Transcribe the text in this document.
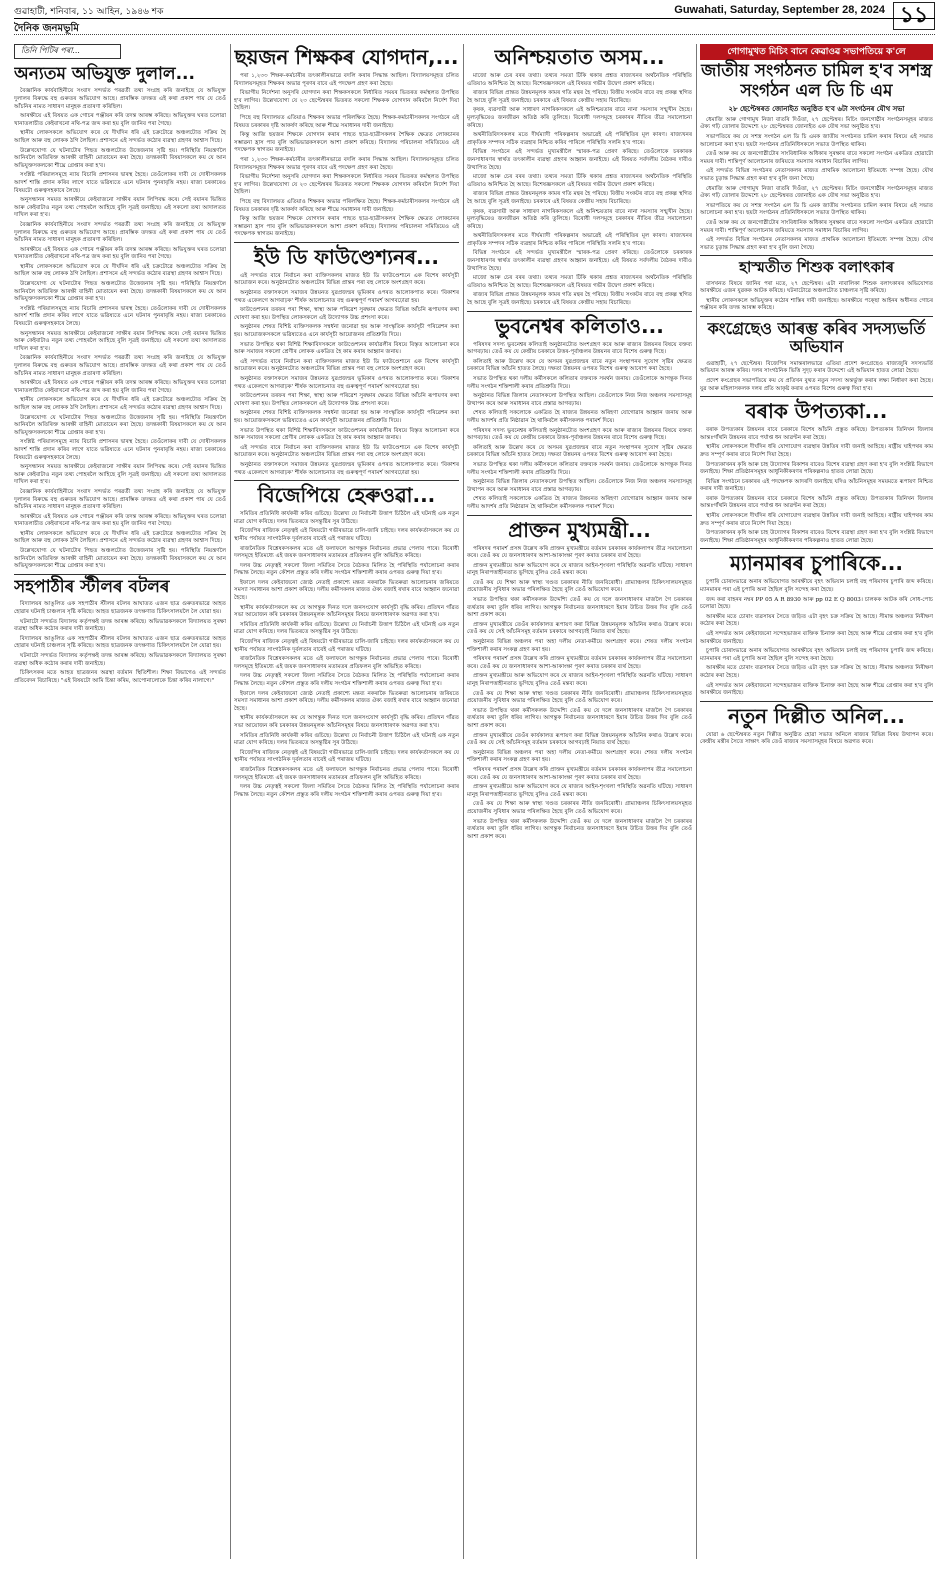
গুৱাহাটী, শনিবাৰ, ১১ আহিন, ১৯৪৬ শক	Guwahati, Saturday, September 28, 2024 ১১
দৈনিক জনমভূমি
তিনি পিটিৰ পৰা...
অন্যতম অভিযুক্ত দুলাল...

বৈজ্ঞানিক কাৰ্যবাহিনীয়ে সংবাদ সন্দৰ্ভত পৰৱৰ্তী তথ্য সংগ্ৰহ কৰি জনাইছে যে অভিযুক্ত দুলালৰ বিৰুদ্ধে বহু গুৰুতৰ অভিযোগ আছে। প্ৰাৰম্ভিক তদন্তত এই কথা প্ৰকাশ পায় যে তেওঁ আঁচনিৰ নামত সাধাৰণ মানুহক প্ৰতাৰণা কৰিছিল।

আৰক্ষীয়ে এই বিষয়ত এক গোচৰ পঞ্জীয়ন কৰি তদন্ত আৰম্ভ কৰিছে। অভিযুক্তৰ ঘৰত চলোৱা খানাতলাচীত কেইবাখনো নথি-পত্ৰ জব্দ কৰা হয় বুলি জানিব পৰা গৈছে।

স্থানীয় লোকসকলে অভিযোগ কৰে যে দীৰ্ঘদিন ধৰি এই চক্ৰটোৱে অঞ্চলটোত সক্ৰিয় হৈ আছিল আৰু বহু লোকক ঠগি লৈছিল। প্ৰশাসনে এই সন্দৰ্ভত কঠোৰ ব্যৱস্থা গ্ৰহণৰ আশ্বাস দিছে।

উল্লেখযোগ্য যে ঘটনাটোৰ পিছত অঞ্চলটোত উত্তেজনাৰ সৃষ্টি হয়। পৰিস্থিতি নিয়ন্ত্ৰণলৈ আনিবলৈ অতিৰিক্ত আৰক্ষী বাহিনী মোতায়েন কৰা হৈছে। তদন্তকাৰী বিষয়াসকলে কয় যে আন অভিযুক্তসকলকো শীঘ্ৰে গ্ৰেপ্তাৰ কৰা হ'ব।

সংশ্লিষ্ট পৰিয়ালসমূহে ন্যায় বিচাৰি প্ৰশাসনৰ দ্বাৰস্থ হৈছে। তেওঁলোকৰ দাবী যে দোষীসকলক আদৰ্শ শাস্তি প্ৰদান কৰিব লাগে যাতে ভৱিষ্যতে এনে ঘটনাৰ পুনৰাবৃত্তি নহয়। ৰাজ্য চৰকাৰেও বিষয়টো গুৰুত্বসহকাৰে লৈছে।

অনুসন্ধানৰ সময়ত আৰক্ষীয়ে কেইবাজনো সাক্ষীৰ বয়ান লিপিবদ্ধ কৰে। সেই বয়ানৰ ভিত্তিত আৰু কেইবাটাও নতুন তথ্য পোহৰলৈ আহিছে বুলি সূত্ৰই জনাইছে। এই সকলো তথ্য আদালতত দাখিল কৰা হ'ব।

বৈজ্ঞানিক কাৰ্যবাহিনীয়ে সংবাদ সন্দৰ্ভত পৰৱৰ্তী তথ্য সংগ্ৰহ কৰি জনাইছে যে অভিযুক্ত দুলালৰ বিৰুদ্ধে বহু গুৰুতৰ অভিযোগ আছে। প্ৰাৰম্ভিক তদন্তত এই কথা প্ৰকাশ পায় যে তেওঁ আঁচনিৰ নামত সাধাৰণ মানুহক প্ৰতাৰণা কৰিছিল।

আৰক্ষীয়ে এই বিষয়ত এক গোচৰ পঞ্জীয়ন কৰি তদন্ত আৰম্ভ কৰিছে। অভিযুক্তৰ ঘৰত চলোৱা খানাতলাচীত কেইবাখনো নথি-পত্ৰ জব্দ কৰা হয় বুলি জানিব পৰা গৈছে।

স্থানীয় লোকসকলে অভিযোগ কৰে যে দীৰ্ঘদিন ধৰি এই চক্ৰটোৱে অঞ্চলটোত সক্ৰিয় হৈ আছিল আৰু বহু লোকক ঠগি লৈছিল। প্ৰশাসনে এই সন্দৰ্ভত কঠোৰ ব্যৱস্থা গ্ৰহণৰ আশ্বাস দিছে।

উল্লেখযোগ্য যে ঘটনাটোৰ পিছত অঞ্চলটোত উত্তেজনাৰ সৃষ্টি হয়। পৰিস্থিতি নিয়ন্ত্ৰণলৈ আনিবলৈ অতিৰিক্ত আৰক্ষী বাহিনী মোতায়েন কৰা হৈছে। তদন্তকাৰী বিষয়াসকলে কয় যে আন অভিযুক্তসকলকো শীঘ্ৰে গ্ৰেপ্তাৰ কৰা হ'ব।

সংশ্লিষ্ট পৰিয়ালসমূহে ন্যায় বিচাৰি প্ৰশাসনৰ দ্বাৰস্থ হৈছে। তেওঁলোকৰ দাবী যে দোষীসকলক আদৰ্শ শাস্তি প্ৰদান কৰিব লাগে যাতে ভৱিষ্যতে এনে ঘটনাৰ পুনৰাবৃত্তি নহয়। ৰাজ্য চৰকাৰেও বিষয়টো গুৰুত্বসহকাৰে লৈছে।

অনুসন্ধানৰ সময়ত আৰক্ষীয়ে কেইবাজনো সাক্ষীৰ বয়ান লিপিবদ্ধ কৰে। সেই বয়ানৰ ভিত্তিত আৰু কেইবাটাও নতুন তথ্য পোহৰলৈ আহিছে বুলি সূত্ৰই জনাইছে। এই সকলো তথ্য আদালতত দাখিল কৰা হ'ব।

বৈজ্ঞানিক কাৰ্যবাহিনীয়ে সংবাদ সন্দৰ্ভত পৰৱৰ্তী তথ্য সংগ্ৰহ কৰি জনাইছে যে অভিযুক্ত দুলালৰ বিৰুদ্ধে বহু গুৰুতৰ অভিযোগ আছে। প্ৰাৰম্ভিক তদন্তত এই কথা প্ৰকাশ পায় যে তেওঁ আঁচনিৰ নামত সাধাৰণ মানুহক প্ৰতাৰণা কৰিছিল।

আৰক্ষীয়ে এই বিষয়ত এক গোচৰ পঞ্জীয়ন কৰি তদন্ত আৰম্ভ কৰিছে। অভিযুক্তৰ ঘৰত চলোৱা খানাতলাচীত কেইবাখনো নথি-পত্ৰ জব্দ কৰা হয় বুলি জানিব পৰা গৈছে।

স্থানীয় লোকসকলে অভিযোগ কৰে যে দীৰ্ঘদিন ধৰি এই চক্ৰটোৱে অঞ্চলটোত সক্ৰিয় হৈ আছিল আৰু বহু লোকক ঠগি লৈছিল। প্ৰশাসনে এই সন্দৰ্ভত কঠোৰ ব্যৱস্থা গ্ৰহণৰ আশ্বাস দিছে।

উল্লেখযোগ্য যে ঘটনাটোৰ পিছত অঞ্চলটোত উত্তেজনাৰ সৃষ্টি হয়। পৰিস্থিতি নিয়ন্ত্ৰণলৈ আনিবলৈ অতিৰিক্ত আৰক্ষী বাহিনী মোতায়েন কৰা হৈছে। তদন্তকাৰী বিষয়াসকলে কয় যে আন অভিযুক্তসকলকো শীঘ্ৰে গ্ৰেপ্তাৰ কৰা হ'ব।

সংশ্লিষ্ট পৰিয়ালসমূহে ন্যায় বিচাৰি প্ৰশাসনৰ দ্বাৰস্থ হৈছে। তেওঁলোকৰ দাবী যে দোষীসকলক আদৰ্শ শাস্তি প্ৰদান কৰিব লাগে যাতে ভৱিষ্যতে এনে ঘটনাৰ পুনৰাবৃত্তি নহয়। ৰাজ্য চৰকাৰেও বিষয়টো গুৰুত্বসহকাৰে লৈছে।

অনুসন্ধানৰ সময়ত আৰক্ষীয়ে কেইবাজনো সাক্ষীৰ বয়ান লিপিবদ্ধ কৰে। সেই বয়ানৰ ভিত্তিত আৰু কেইবাটাও নতুন তথ্য পোহৰলৈ আহিছে বুলি সূত্ৰই জনাইছে। এই সকলো তথ্য আদালতত দাখিল কৰা হ'ব।

বৈজ্ঞানিক কাৰ্যবাহিনীয়ে সংবাদ সন্দৰ্ভত পৰৱৰ্তী তথ্য সংগ্ৰহ কৰি জনাইছে যে অভিযুক্ত দুলালৰ বিৰুদ্ধে বহু গুৰুতৰ অভিযোগ আছে। প্ৰাৰম্ভিক তদন্তত এই কথা প্ৰকাশ পায় যে তেওঁ আঁচনিৰ নামত সাধাৰণ মানুহক প্ৰতাৰণা কৰিছিল।

আৰক্ষীয়ে এই বিষয়ত এক গোচৰ পঞ্জীয়ন কৰি তদন্ত আৰম্ভ কৰিছে। অভিযুক্তৰ ঘৰত চলোৱা খানাতলাচীত কেইবাখনো নথি-পত্ৰ জব্দ কৰা হয় বুলি জানিব পৰা গৈছে।

স্থানীয় লোকসকলে অভিযোগ কৰে যে দীৰ্ঘদিন ধৰি এই চক্ৰটোৱে অঞ্চলটোত সক্ৰিয় হৈ আছিল আৰু বহু লোকক ঠগি লৈছিল। প্ৰশাসনে এই সন্দৰ্ভত কঠোৰ ব্যৱস্থা গ্ৰহণৰ আশ্বাস দিছে।

উল্লেখযোগ্য যে ঘটনাটোৰ পিছত অঞ্চলটোত উত্তেজনাৰ সৃষ্টি হয়। পৰিস্থিতি নিয়ন্ত্ৰণলৈ আনিবলৈ অতিৰিক্ত আৰক্ষী বাহিনী মোতায়েন কৰা হৈছে। তদন্তকাৰী বিষয়াসকলে কয় যে আন অভিযুক্তসকলকো শীঘ্ৰে গ্ৰেপ্তাৰ কৰা হ'ব।

সহপাঠীৰ স্টীলৰ বটলৰ

বিদ্যালয়ৰ আঙুলিত এক সহপাঠীৰ স্টীলৰ বটলৰ আঘাতত এজন ছাত্ৰ গুৰুতৰভাৱে আহত হোৱাৰ ঘটনাই চাঞ্চল্যৰ সৃষ্টি কৰিছে। আহত ছাত্ৰজনক তৎক্ষণাত চিকিৎসালয়লৈ লৈ যোৱা হয়।

ঘটনাটো সন্দৰ্ভত বিদ্যালয় কৰ্তৃপক্ষই তদন্ত আৰম্ভ কৰিছে। অভিভাৱকসকলে বিদ্যালয়ত সুৰক্ষা ব্যৱস্থা অধিক কঠোৰ কৰাৰ দাবী জনাইছে।

বিদ্যালয়ৰ আঙুলিত এক সহপাঠীৰ স্টীলৰ বটলৰ আঘাতত এজন ছাত্ৰ গুৰুতৰভাৱে আহত হোৱাৰ ঘটনাই চাঞ্চল্যৰ সৃষ্টি কৰিছে। আহত ছাত্ৰজনক তৎক্ষণাত চিকিৎসালয়লৈ লৈ যোৱা হয়।

ঘটনাটো সন্দৰ্ভত বিদ্যালয় কৰ্তৃপক্ষই তদন্ত আৰম্ভ কৰিছে। অভিভাৱকসকলে বিদ্যালয়ত সুৰক্ষা ব্যৱস্থা অধিক কঠোৰ কৰাৰ দাবী জনাইছে।

চিকিৎসকৰ মতে আহত ছাত্ৰজনৰ অৱস্থা বৰ্তমান স্থিতিশীল। শিক্ষা বিভাগেও এই সন্দৰ্ভত প্ৰতিবেদন বিচাৰিছে। "এই বিষয়টো আমি চিন্তা কৰিম, আপোনালোকে চিন্তা কৰিব নালাগে।"

ছয়জন শিক্ষকৰ যোগদান,...

পৰা ১,২৩৩ শিক্ষক-কৰ্মচাৰীৰ তৎকালীনভাৱে বদলি কৰাৰ সিদ্ধান্ত আছিল। বিদ্যালয়সমূহত চলিত বিদ্যালয়সমূহত শিক্ষকৰ অভাৱ পূৰণৰ বাবে এই পদক্ষেপ গ্ৰহণ কৰা হৈছে।

বিভাগীয় নিৰ্দেশনা অনুসৰি যোগদান কৰা শিক্ষকসকলে নিৰ্ধাৰিত সময়ৰ ভিতৰত কৰ্মস্থলত উপস্থিত হ'ব লাগিব। উল্লেখযোগ্য যে ২৩ ছেপ্টেম্বৰৰ ভিতৰত সকলো শিক্ষকক যোগদান কৰিবলৈ নিৰ্দেশ দিয়া হৈছিল।

পিছে বহু বিদ্যালয়ত এতিয়াও শিক্ষকৰ অভাৱ পৰিলক্ষিত হৈছে। শিক্ষক-কৰ্মচাৰীসকলৰ সংগঠনে এই বিষয়ত চৰকাৰৰ দৃষ্টি আকৰ্ষণ কৰিছে আৰু শীঘ্ৰে সমাধানৰ দাবী জনাইছে।

কিন্তু আজি ছয়জন শিক্ষকে যোগদান কৰাৰ পাছত ছাত্ৰ-ছাত্ৰীসকলৰ শৈক্ষিক ক্ষেত্ৰত লোকচানৰ সম্ভাৱনা হ্ৰাস পাব বুলি অভিভাৱকসকলে আশা প্ৰকাশ কৰিছে। বিদ্যালয় পৰিচালনা সমিতিয়েও এই পদক্ষেপক স্বাগতম জনাইছে।

পৰা ১,২৩৩ শিক্ষক-কৰ্মচাৰীৰ তৎকালীনভাৱে বদলি কৰাৰ সিদ্ধান্ত আছিল। বিদ্যালয়সমূহত চলিত বিদ্যালয়সমূহত শিক্ষকৰ অভাৱ পূৰণৰ বাবে এই পদক্ষেপ গ্ৰহণ কৰা হৈছে।

বিভাগীয় নিৰ্দেশনা অনুসৰি যোগদান কৰা শিক্ষকসকলে নিৰ্ধাৰিত সময়ৰ ভিতৰত কৰ্মস্থলত উপস্থিত হ'ব লাগিব। উল্লেখযোগ্য যে ২৩ ছেপ্টেম্বৰৰ ভিতৰত সকলো শিক্ষকক যোগদান কৰিবলৈ নিৰ্দেশ দিয়া হৈছিল।

পিছে বহু বিদ্যালয়ত এতিয়াও শিক্ষকৰ অভাৱ পৰিলক্ষিত হৈছে। শিক্ষক-কৰ্মচাৰীসকলৰ সংগঠনে এই বিষয়ত চৰকাৰৰ দৃষ্টি আকৰ্ষণ কৰিছে আৰু শীঘ্ৰে সমাধানৰ দাবী জনাইছে।

কিন্তু আজি ছয়জন শিক্ষকে যোগদান কৰাৰ পাছত ছাত্ৰ-ছাত্ৰীসকলৰ শৈক্ষিক ক্ষেত্ৰত লোকচানৰ সম্ভাৱনা হ্ৰাস পাব বুলি অভিভাৱকসকলে আশা প্ৰকাশ কৰিছে। বিদ্যালয় পৰিচালনা সমিতিয়েও এই পদক্ষেপক স্বাগতম জনাইছে।

ইউ ডি ফাউণ্ডেশ্যনৰ...

এই সন্দৰ্ভত বাৰে নিৰ্বাচন কৰা ব্যক্তিসকলৰ মাজত ইউ ডি ফাউণ্ডেশ্যনে এক বিশেষ কাৰ্যসূচী আয়োজন কৰে। অনুষ্ঠানটোত অঞ্চলটোৰ বিভিন্ন প্ৰান্তৰ পৰা বহু লোকে অংশগ্ৰহণ কৰে।

অনুষ্ঠানত বক্তাসকলে সমাজৰ উন্নয়নত যুৱপ্ৰজন্মৰ ভূমিকাৰ ওপৰত আলোকপাত কৰে। 'বিকাশৰ পথত একেলগে আগবাঢ়ক' শীৰ্ষক আলোচনাত বহু গুৰুত্বপূৰ্ণ পৰামৰ্শ আগবঢ়োৱা হয়।

ফাউণ্ডেশ্যনৰ তৰফৰ পৰা শিক্ষা, স্বাস্থ্য আৰু পৰিৱেশ সুৰক্ষাৰ ক্ষেত্ৰত বিভিন্ন আঁচনি ৰূপায়ণৰ কথা ঘোষণা কৰা হয়। উপস্থিত লোকসকলে এই উদ্যোগক উচ্চ প্ৰশংসা কৰে।

অনুষ্ঠানৰ শেষত বিশিষ্ট ব্যক্তিসকলক সম্বৰ্ধনা জনোৱা হয় আৰু সাংস্কৃতিক কাৰ্যসূচী পৰিৱেশন কৰা হয়। আয়োজকসকলে ভৱিষ্যতেও এনে কাৰ্যসূচী আয়োজনৰ প্ৰতিশ্ৰুতি দিয়ে।

সভাত উপস্থিত থকা বিশিষ্ট শিক্ষাবিদসকলে ফাউণ্ডেশ্যনৰ কাৰ্যাৱলীৰ বিষয়ে বিস্তৃত আলোচনা কৰে আৰু সমাজৰ সকলো শ্ৰেণীৰ লোকক একত্ৰিত হৈ কাম কৰাৰ আহ্বান জনায়।

এই সন্দৰ্ভত বাৰে নিৰ্বাচন কৰা ব্যক্তিসকলৰ মাজত ইউ ডি ফাউণ্ডেশ্যনে এক বিশেষ কাৰ্যসূচী আয়োজন কৰে। অনুষ্ঠানটোত অঞ্চলটোৰ বিভিন্ন প্ৰান্তৰ পৰা বহু লোকে অংশগ্ৰহণ কৰে।

অনুষ্ঠানত বক্তাসকলে সমাজৰ উন্নয়নত যুৱপ্ৰজন্মৰ ভূমিকাৰ ওপৰত আলোকপাত কৰে। 'বিকাশৰ পথত একেলগে আগবাঢ়ক' শীৰ্ষক আলোচনাত বহু গুৰুত্বপূৰ্ণ পৰামৰ্শ আগবঢ়োৱা হয়।

ফাউণ্ডেশ্যনৰ তৰফৰ পৰা শিক্ষা, স্বাস্থ্য আৰু পৰিৱেশ সুৰক্ষাৰ ক্ষেত্ৰত বিভিন্ন আঁচনি ৰূপায়ণৰ কথা ঘোষণা কৰা হয়। উপস্থিত লোকসকলে এই উদ্যোগক উচ্চ প্ৰশংসা কৰে।

অনুষ্ঠানৰ শেষত বিশিষ্ট ব্যক্তিসকলক সম্বৰ্ধনা জনোৱা হয় আৰু সাংস্কৃতিক কাৰ্যসূচী পৰিৱেশন কৰা হয়। আয়োজকসকলে ভৱিষ্যতেও এনে কাৰ্যসূচী আয়োজনৰ প্ৰতিশ্ৰুতি দিয়ে।

সভাত উপস্থিত থকা বিশিষ্ট শিক্ষাবিদসকলে ফাউণ্ডেশ্যনৰ কাৰ্যাৱলীৰ বিষয়ে বিস্তৃত আলোচনা কৰে আৰু সমাজৰ সকলো শ্ৰেণীৰ লোকক একত্ৰিত হৈ কাম কৰাৰ আহ্বান জনায়।

এই সন্দৰ্ভত বাৰে নিৰ্বাচন কৰা ব্যক্তিসকলৰ মাজত ইউ ডি ফাউণ্ডেশ্যনে এক বিশেষ কাৰ্যসূচী আয়োজন কৰে। অনুষ্ঠানটোত অঞ্চলটোৰ বিভিন্ন প্ৰান্তৰ পৰা বহু লোকে অংশগ্ৰহণ কৰে।

অনুষ্ঠানত বক্তাসকলে সমাজৰ উন্নয়নত যুৱপ্ৰজন্মৰ ভূমিকাৰ ওপৰত আলোকপাত কৰে। 'বিকাশৰ পথত একেলগে আগবাঢ়ক' শীৰ্ষক আলোচনাত বহু গুৰুত্বপূৰ্ণ পৰামৰ্শ আগবঢ়োৱা হয়।

বিজেপিয়ে হেৰুওৱা...

সমিতিৰ প্ৰতিনিধি কাৰ্যকৰী কৰিব গুচিছে। উল্লেখ্য যে নিৰ্বাচনী উত্তাপ চিঠিলৈ এই ঘটনাই এক নতুন মাত্ৰা যোগ কৰিছে। দলৰ ভিতৰতে অসন্তুষ্টিৰ সুৰ উঠিছে।

বিজেপিৰ ৰাজ্যিক নেতৃত্বই এই বিষয়টো গভীৰভাৱে চালি-জাৰি চাইছে। দলৰ কাৰ্যকৰ্তাসকলে কয় যে স্থানীয় পৰ্যায়ত সাংগঠনিক দুৰ্বলতাৰ বাবেই এই পৰাজয় ঘটিছে।

ৰাজনৈতিক বিশ্লেষকসকলৰ মতে এই ফলাফলে আগন্তুক নিৰ্বাচনত প্ৰভাৱ পেলাব পাৰে। বিৰোধী দলসমূহে ইতিমধ্যে এই জয়ক জনসাধাৰণৰ মতামতৰ প্ৰতিফলন বুলি অভিহিত কৰিছে।

দলৰ উচ্চ নেতৃত্বই সকলো জিলা সমিতিৰ সৈতে বৈঠকত মিলিত হৈ পৰিস্থিতি পৰ্যালোচনা কৰাৰ সিদ্ধান্ত লৈছে। নতুন কৌশল প্ৰস্তুত কৰি দলীয় সংগঠন শক্তিশালী কৰাৰ ওপৰত গুৰুত্ব দিয়া হ'ব।

ইফালে দলৰ কেইবাজনো জ্যেষ্ঠ নেতাই প্ৰকাশ্যে মন্তব্য নকৰাকৈ ভিতৰুৱা আলোচনাৰ জৰিয়তে সমস্যা সমাধানৰ আশা প্ৰকাশ কৰিছে। দলীয় কৰ্মীসকলৰ মাজত ঐক্য বজাই ৰখাৰ বাবে আহ্বান জনোৱা হৈছে।

স্থানীয় কাৰ্যকৰ্তাসকলে কয় যে আগন্তুক দিনত দলে জনসংযোগ কাৰ্যসূচী বৃদ্ধি কৰিব। প্ৰতিখন গাঁৱত সভা আয়োজন কৰি চৰকাৰৰ উন্নয়নমূলক আঁচনিসমূহৰ বিষয়ে জনসাধাৰণক অৱগত কৰা হ'ব।

সমিতিৰ প্ৰতিনিধি কাৰ্যকৰী কৰিব গুচিছে। উল্লেখ্য যে নিৰ্বাচনী উত্তাপ চিঠিলৈ এই ঘটনাই এক নতুন মাত্ৰা যোগ কৰিছে। দলৰ ভিতৰতে অসন্তুষ্টিৰ সুৰ উঠিছে।

বিজেপিৰ ৰাজ্যিক নেতৃত্বই এই বিষয়টো গভীৰভাৱে চালি-জাৰি চাইছে। দলৰ কাৰ্যকৰ্তাসকলে কয় যে স্থানীয় পৰ্যায়ত সাংগঠনিক দুৰ্বলতাৰ বাবেই এই পৰাজয় ঘটিছে।

ৰাজনৈতিক বিশ্লেষকসকলৰ মতে এই ফলাফলে আগন্তুক নিৰ্বাচনত প্ৰভাৱ পেলাব পাৰে। বিৰোধী দলসমূহে ইতিমধ্যে এই জয়ক জনসাধাৰণৰ মতামতৰ প্ৰতিফলন বুলি অভিহিত কৰিছে।

দলৰ উচ্চ নেতৃত্বই সকলো জিলা সমিতিৰ সৈতে বৈঠকত মিলিত হৈ পৰিস্থিতি পৰ্যালোচনা কৰাৰ সিদ্ধান্ত লৈছে। নতুন কৌশল প্ৰস্তুত কৰি দলীয় সংগঠন শক্তিশালী কৰাৰ ওপৰত গুৰুত্ব দিয়া হ'ব।

ইফালে দলৰ কেইবাজনো জ্যেষ্ঠ নেতাই প্ৰকাশ্যে মন্তব্য নকৰাকৈ ভিতৰুৱা আলোচনাৰ জৰিয়তে সমস্যা সমাধানৰ আশা প্ৰকাশ কৰিছে। দলীয় কৰ্মীসকলৰ মাজত ঐক্য বজাই ৰখাৰ বাবে আহ্বান জনোৱা হৈছে।

স্থানীয় কাৰ্যকৰ্তাসকলে কয় যে আগন্তুক দিনত দলে জনসংযোগ কাৰ্যসূচী বৃদ্ধি কৰিব। প্ৰতিখন গাঁৱত সভা আয়োজন কৰি চৰকাৰৰ উন্নয়নমূলক আঁচনিসমূহৰ বিষয়ে জনসাধাৰণক অৱগত কৰা হ'ব।

সমিতিৰ প্ৰতিনিধি কাৰ্যকৰী কৰিব গুচিছে। উল্লেখ্য যে নিৰ্বাচনী উত্তাপ চিঠিলৈ এই ঘটনাই এক নতুন মাত্ৰা যোগ কৰিছে। দলৰ ভিতৰতে অসন্তুষ্টিৰ সুৰ উঠিছে।

বিজেপিৰ ৰাজ্যিক নেতৃত্বই এই বিষয়টো গভীৰভাৱে চালি-জাৰি চাইছে। দলৰ কাৰ্যকৰ্তাসকলে কয় যে স্থানীয় পৰ্যায়ত সাংগঠনিক দুৰ্বলতাৰ বাবেই এই পৰাজয় ঘটিছে।

ৰাজনৈতিক বিশ্লেষকসকলৰ মতে এই ফলাফলে আগন্তুক নিৰ্বাচনত প্ৰভাৱ পেলাব পাৰে। বিৰোধী দলসমূহে ইতিমধ্যে এই জয়ক জনসাধাৰণৰ মতামতৰ প্ৰতিফলন বুলি অভিহিত কৰিছে।

দলৰ উচ্চ নেতৃত্বই সকলো জিলা সমিতিৰ সৈতে বৈঠকত মিলিত হৈ পৰিস্থিতি পৰ্যালোচনা কৰাৰ সিদ্ধান্ত লৈছে। নতুন কৌশল প্ৰস্তুত কৰি দলীয় সংগঠন শক্তিশালী কৰাৰ ওপৰত গুৰুত্ব দিয়া হ'ব।

অনিশ্চয়তাত অসম...

মাজো আৰু চেৰ বৰৰ তথ্যা। তথ্যৰ সমতা টিকি থকাৰ প্ৰশ্নত ৰাজ্যখনৰ অৰ্থনৈতিক পৰিস্থিতি এতিয়াও অনিশ্চিত হৈ আছে। বিশেষজ্ঞসকলে এই বিষয়ত গভীৰ উদ্বেগ প্ৰকাশ কৰিছে।

ৰাজ্যৰ বিভিন্ন প্ৰান্তত উন্নয়নমূলক কামৰ গতি মন্থৰ হৈ পৰিছে। বিত্তীয় সংকটৰ বাবে বহু প্ৰকল্প স্থগিত হৈ আছে বুলি সূত্ৰই জনাইছে। চৰকাৰে এই বিষয়ত কেন্দ্ৰীয় সহায় বিচাৰিছে।

কৃষক, ব্যৱসায়ী আৰু সাধাৰণ নাগৰিকসকলে এই অনিশ্চয়তাৰ বাবে নানা সমস্যাৰ সন্মুখীন হৈছে। মূল্যবৃদ্ধিয়েও জনজীৱন অতিষ্ঠ কৰি তুলিছে। বিৰোধী দলসমূহে চৰকাৰৰ নীতিৰ তীব্ৰ সমালোচনা কৰিছে।

অৰ্থনীতিবিদসকলৰ মতে দীৰ্ঘম্যাদী পৰিকল্পনাৰ অভাৱেই এই পৰিস্থিতিৰ মূল কাৰণ। ৰাজ্যখনৰ প্ৰাকৃতিক সম্পদৰ সঠিক ব্যৱহাৰ নিশ্চিত কৰিব পাৰিলে পৰিস্থিতি সলনি হ'ব পাৰে।

বিভিন্ন সংগঠনে এই সন্দৰ্ভত মুখ্যমন্ত্ৰীলৈ স্মাৰক-পত্ৰ প্ৰেৰণ কৰিছে। তেওঁলোকে চৰকাৰক জনসাধাৰণৰ স্বাৰ্থত তৎকালীন ব্যৱস্থা গ্ৰহণৰ আহ্বান জনাইছে। এই বিষয়ত সৰ্বদলীয় বৈঠকৰ দাবীও উত্থাপিত হৈছে।

মাজো আৰু চেৰ বৰৰ তথ্যা। তথ্যৰ সমতা টিকি থকাৰ প্ৰশ্নত ৰাজ্যখনৰ অৰ্থনৈতিক পৰিস্থিতি এতিয়াও অনিশ্চিত হৈ আছে। বিশেষজ্ঞসকলে এই বিষয়ত গভীৰ উদ্বেগ প্ৰকাশ কৰিছে।

ৰাজ্যৰ বিভিন্ন প্ৰান্তত উন্নয়নমূলক কামৰ গতি মন্থৰ হৈ পৰিছে। বিত্তীয় সংকটৰ বাবে বহু প্ৰকল্প স্থগিত হৈ আছে বুলি সূত্ৰই জনাইছে। চৰকাৰে এই বিষয়ত কেন্দ্ৰীয় সহায় বিচাৰিছে।

কৃষক, ব্যৱসায়ী আৰু সাধাৰণ নাগৰিকসকলে এই অনিশ্চয়তাৰ বাবে নানা সমস্যাৰ সন্মুখীন হৈছে। মূল্যবৃদ্ধিয়েও জনজীৱন অতিষ্ঠ কৰি তুলিছে। বিৰোধী দলসমূহে চৰকাৰৰ নীতিৰ তীব্ৰ সমালোচনা কৰিছে।

অৰ্থনীতিবিদসকলৰ মতে দীৰ্ঘম্যাদী পৰিকল্পনাৰ অভাৱেই এই পৰিস্থিতিৰ মূল কাৰণ। ৰাজ্যখনৰ প্ৰাকৃতিক সম্পদৰ সঠিক ব্যৱহাৰ নিশ্চিত কৰিব পাৰিলে পৰিস্থিতি সলনি হ'ব পাৰে।

বিভিন্ন সংগঠনে এই সন্দৰ্ভত মুখ্যমন্ত্ৰীলৈ স্মাৰক-পত্ৰ প্ৰেৰণ কৰিছে। তেওঁলোকে চৰকাৰক জনসাধাৰণৰ স্বাৰ্থত তৎকালীন ব্যৱস্থা গ্ৰহণৰ আহ্বান জনাইছে। এই বিষয়ত সৰ্বদলীয় বৈঠকৰ দাবীও উত্থাপিত হৈছে।

মাজো আৰু চেৰ বৰৰ তথ্যা। তথ্যৰ সমতা টিকি থকাৰ প্ৰশ্নত ৰাজ্যখনৰ অৰ্থনৈতিক পৰিস্থিতি এতিয়াও অনিশ্চিত হৈ আছে। বিশেষজ্ঞসকলে এই বিষয়ত গভীৰ উদ্বেগ প্ৰকাশ কৰিছে।

ৰাজ্যৰ বিভিন্ন প্ৰান্তত উন্নয়নমূলক কামৰ গতি মন্থৰ হৈ পৰিছে। বিত্তীয় সংকটৰ বাবে বহু প্ৰকল্প স্থগিত হৈ আছে বুলি সূত্ৰই জনাইছে। চৰকাৰে এই বিষয়ত কেন্দ্ৰীয় সহায় বিচাৰিছে।

ভুবনেশ্বৰ কলিতাও...

পৰিষদৰ সদস্য ভুবনেশ্বৰ কলিতাই অনুষ্ঠানটোত অংশগ্ৰহণ কৰে আৰু ৰাজ্যৰ উন্নয়নৰ বিষয়ে বক্তব্য আগবঢ়ায়। তেওঁ কয় যে কেন্দ্ৰীয় চৰকাৰে উত্তৰ-পূৰ্বাঞ্চলৰ উন্নয়নৰ বাবে বিশেষ গুৰুত্ব দিছে।

কলিতাই আৰু উল্লেখ কৰে যে অসমৰ যুৱপ্ৰজন্মৰ বাবে নতুন সংস্থাপনৰ সুযোগ সৃষ্টিৰ ক্ষেত্ৰত চৰকাৰে বিভিন্ন আঁচনি হাতত লৈছে। দক্ষতা উন্নয়নৰ ওপৰত বিশেষ গুৰুত্ব আৰোপ কৰা হৈছে।

সভাত উপস্থিত থকা দলীয় কৰ্মীসকলে কলিতাৰ বক্তব্যক সমৰ্থন জনায়। তেওঁলোকে আগন্তুক দিনত দলীয় সংগঠন শক্তিশালী কৰাৰ প্ৰতিশ্ৰুতি দিয়ে।

অনুষ্ঠানত বিভিন্ন জিলাৰ নেতাসকলো উপস্থিত আছিল। তেওঁলোকে নিজ নিজ অঞ্চলৰ সমস্যাসমূহ উত্থাপন কৰে আৰু সমাধানৰ বাবে প্ৰস্তাৱ আগবঢ়ায়।

শেষত কলিতাই সকলোকে একত্ৰিত হৈ ৰাজ্যৰ উন্নয়নত অৰিহণা যোগোৱাৰ আহ্বান জনায় আৰু দলীয় আদৰ্শৰ প্ৰতি নিষ্ঠাৱান হৈ থাকিবলৈ কৰ্মীসকলক পৰামৰ্শ দিয়ে।

পৰিষদৰ সদস্য ভুবনেশ্বৰ কলিতাই অনুষ্ঠানটোত অংশগ্ৰহণ কৰে আৰু ৰাজ্যৰ উন্নয়নৰ বিষয়ে বক্তব্য আগবঢ়ায়। তেওঁ কয় যে কেন্দ্ৰীয় চৰকাৰে উত্তৰ-পূৰ্বাঞ্চলৰ উন্নয়নৰ বাবে বিশেষ গুৰুত্ব দিছে।

কলিতাই আৰু উল্লেখ কৰে যে অসমৰ যুৱপ্ৰজন্মৰ বাবে নতুন সংস্থাপনৰ সুযোগ সৃষ্টিৰ ক্ষেত্ৰত চৰকাৰে বিভিন্ন আঁচনি হাতত লৈছে। দক্ষতা উন্নয়নৰ ওপৰত বিশেষ গুৰুত্ব আৰোপ কৰা হৈছে।

সভাত উপস্থিত থকা দলীয় কৰ্মীসকলে কলিতাৰ বক্তব্যক সমৰ্থন জনায়। তেওঁলোকে আগন্তুক দিনত দলীয় সংগঠন শক্তিশালী কৰাৰ প্ৰতিশ্ৰুতি দিয়ে।

অনুষ্ঠানত বিভিন্ন জিলাৰ নেতাসকলো উপস্থিত আছিল। তেওঁলোকে নিজ নিজ অঞ্চলৰ সমস্যাসমূহ উত্থাপন কৰে আৰু সমাধানৰ বাবে প্ৰস্তাৱ আগবঢ়ায়।

শেষত কলিতাই সকলোকে একত্ৰিত হৈ ৰাজ্যৰ উন্নয়নত অৰিহণা যোগোৱাৰ আহ্বান জনায় আৰু দলীয় আদৰ্শৰ প্ৰতি নিষ্ঠাৱান হৈ থাকিবলৈ কৰ্মীসকলক পৰামৰ্শ দিয়ে।

প্ৰাক্তন মুখ্যমন্ত্ৰী...

পৰিষদৰ পৰামৰ্শ প্ৰসঙ্গ উল্লেখ কৰি প্ৰাক্তন মুখ্যমন্ত্ৰীয়ে বৰ্তমান চৰকাৰৰ কাৰ্যকলাপৰ তীব্ৰ সমালোচনা কৰে। তেওঁ কয় যে জনসাধাৰণৰ আশা-আকাংক্ষা পূৰণ কৰাত চৰকাৰ ব্যৰ্থ হৈছে।

প্ৰাক্তন মুখ্যমন্ত্ৰীয়ে আৰু অভিযোগ কৰে যে ৰাজ্যৰ আইন-শৃংখলা পৰিস্থিতি অৱনতি ঘটিছে। সাধাৰণ মানুহ নিৰাপত্তাহীনতাত ভুগিছে বুলিও তেওঁ মন্তব্য কৰে।

তেওঁ কয় যে শিক্ষা আৰু স্বাস্থ্য খণ্ডত চৰকাৰৰ নীতি জনবিৰোধী। গ্ৰাম্যাঞ্চলৰ চিকিৎসালয়সমূহত প্ৰয়োজনীয় সুবিধাৰ অভাৱ পৰিলক্ষিত হৈছে বুলি তেওঁ অভিযোগ কৰে।

সভাত উপস্থিত থকা কৰ্মীসকলক উদ্দেশ্যি তেওঁ কয় যে দলে জনসাধাৰণৰ মাজলৈ গৈ চৰকাৰৰ ব্যৰ্থতাৰ কথা তুলি ধৰিব লাগিব। আগন্তুক নিৰ্বাচনত জনসাধাৰণে ইয়াৰ উচিত উত্তৰ দিব বুলি তেওঁ আশা প্ৰকাশ কৰে।

প্ৰাক্তন মুখ্যমন্ত্ৰীয়ে তেওঁৰ কাৰ্যকালত ৰূপায়ণ কৰা বিভিন্ন উন্নয়নমূলক আঁচনিৰ কথাও উল্লেখ কৰে। তেওঁ কয় যে সেই আঁচনিসমূহ বৰ্তমান চৰকাৰে আগবঢ়াই নিয়াত ব্যৰ্থ হৈছে।

অনুষ্ঠানত বিভিন্ন অঞ্চলৰ পৰা অহা দলীয় নেতা-কৰ্মীয়ে অংশগ্ৰহণ কৰে। শেষত দলীয় সংগঠন শক্তিশালী কৰাৰ সংকল্প গ্ৰহণ কৰা হয়।

পৰিষদৰ পৰামৰ্শ প্ৰসঙ্গ উল্লেখ কৰি প্ৰাক্তন মুখ্যমন্ত্ৰীয়ে বৰ্তমান চৰকাৰৰ কাৰ্যকলাপৰ তীব্ৰ সমালোচনা কৰে। তেওঁ কয় যে জনসাধাৰণৰ আশা-আকাংক্ষা পূৰণ কৰাত চৰকাৰ ব্যৰ্থ হৈছে।

প্ৰাক্তন মুখ্যমন্ত্ৰীয়ে আৰু অভিযোগ কৰে যে ৰাজ্যৰ আইন-শৃংখলা পৰিস্থিতি অৱনতি ঘটিছে। সাধাৰণ মানুহ নিৰাপত্তাহীনতাত ভুগিছে বুলিও তেওঁ মন্তব্য কৰে।

তেওঁ কয় যে শিক্ষা আৰু স্বাস্থ্য খণ্ডত চৰকাৰৰ নীতি জনবিৰোধী। গ্ৰাম্যাঞ্চলৰ চিকিৎসালয়সমূহত প্ৰয়োজনীয় সুবিধাৰ অভাৱ পৰিলক্ষিত হৈছে বুলি তেওঁ অভিযোগ কৰে।

সভাত উপস্থিত থকা কৰ্মীসকলক উদ্দেশ্যি তেওঁ কয় যে দলে জনসাধাৰণৰ মাজলৈ গৈ চৰকাৰৰ ব্যৰ্থতাৰ কথা তুলি ধৰিব লাগিব। আগন্তুক নিৰ্বাচনত জনসাধাৰণে ইয়াৰ উচিত উত্তৰ দিব বুলি তেওঁ আশা প্ৰকাশ কৰে।

প্ৰাক্তন মুখ্যমন্ত্ৰীয়ে তেওঁৰ কাৰ্যকালত ৰূপায়ণ কৰা বিভিন্ন উন্নয়নমূলক আঁচনিৰ কথাও উল্লেখ কৰে। তেওঁ কয় যে সেই আঁচনিসমূহ বৰ্তমান চৰকাৰে আগবঢ়াই নিয়াত ব্যৰ্থ হৈছে।

অনুষ্ঠানত বিভিন্ন অঞ্চলৰ পৰা অহা দলীয় নেতা-কৰ্মীয়ে অংশগ্ৰহণ কৰে। শেষত দলীয় সংগঠন শক্তিশালী কৰাৰ সংকল্প গ্ৰহণ কৰা হয়।

পৰিষদৰ পৰামৰ্শ প্ৰসঙ্গ উল্লেখ কৰি প্ৰাক্তন মুখ্যমন্ত্ৰীয়ে বৰ্তমান চৰকাৰৰ কাৰ্যকলাপৰ তীব্ৰ সমালোচনা কৰে। তেওঁ কয় যে জনসাধাৰণৰ আশা-আকাংক্ষা পূৰণ কৰাত চৰকাৰ ব্যৰ্থ হৈছে।

প্ৰাক্তন মুখ্যমন্ত্ৰীয়ে আৰু অভিযোগ কৰে যে ৰাজ্যৰ আইন-শৃংখলা পৰিস্থিতি অৱনতি ঘটিছে। সাধাৰণ মানুহ নিৰাপত্তাহীনতাত ভুগিছে বুলিও তেওঁ মন্তব্য কৰে।

তেওঁ কয় যে শিক্ষা আৰু স্বাস্থ্য খণ্ডত চৰকাৰৰ নীতি জনবিৰোধী। গ্ৰাম্যাঞ্চলৰ চিকিৎসালয়সমূহত প্ৰয়োজনীয় সুবিধাৰ অভাৱ পৰিলক্ষিত হৈছে বুলি তেওঁ অভিযোগ কৰে।

সভাত উপস্থিত থকা কৰ্মীসকলক উদ্দেশ্যি তেওঁ কয় যে দলে জনসাধাৰণৰ মাজলৈ গৈ চৰকাৰৰ ব্যৰ্থতাৰ কথা তুলি ধৰিব লাগিব। আগন্তুক নিৰ্বাচনত জনসাধাৰণে ইয়াৰ উচিত উত্তৰ দিব বুলি তেওঁ আশা প্ৰকাশ কৰে।

গোগামুখত মিচিং বানে কেৱাওৱ সভাপতিয়ে ক'লে
জাতীয় সংগঠনত চামিল হ'ব সশস্ত্ৰ সংগঠন এল ডি চি এম
২৮ ছেপ্টেম্বৰত জোনাইত অনুষ্ঠিত হ'ব ৬টা সংগঠনৰ যৌথ সভা

ধেমাজি আৰু গোগামুখ নিজা বাতৰি দিওঁতা, ২৭ ছেপ্টেম্বৰ। মিচিং জনগোষ্ঠীৰ সংগঠনসমূহৰ মাজত ঐক্য গঢ়ি তোলাৰ উদ্দেশ্যে ২৮ ছেপ্টেম্বৰত জোনাইত এক যৌথ সভা অনুষ্ঠিত হ'ব।

সভাপতিয়ে কয় যে সশস্ত্ৰ সংগঠন এল ডি চি এমক জাতীয় সংগঠনত চামিল কৰাৰ বিষয়ে এই সভাত আলোচনা কৰা হ'ব। ছয়টা সংগঠনৰ প্ৰতিনিধিসকলে সভাত উপস্থিত থাকিব।

তেওঁ আৰু কয় যে জনগোষ্ঠীটোৰ সাংবিধানিক অধিকাৰ সুৰক্ষাৰ বাবে সকলো সংগঠন একত্ৰিত হোৱাটো সময়ৰ দাবী। শান্তিপূৰ্ণ আলোচনাৰ জৰিয়তে সমস্যাৰ সমাধান বিচাৰিব লাগিব।

এই সন্দৰ্ভত বিভিন্ন সংগঠনৰ নেতাসকলৰ মাজত প্ৰাথমিক আলোচনা ইতিমধ্যে সম্পন্ন হৈছে। যৌথ সভাত চূড়ান্ত সিদ্ধান্ত গ্ৰহণ কৰা হ'ব বুলি জনা গৈছে।

ধেমাজি আৰু গোগামুখ নিজা বাতৰি দিওঁতা, ২৭ ছেপ্টেম্বৰ। মিচিং জনগোষ্ঠীৰ সংগঠনসমূহৰ মাজত ঐক্য গঢ়ি তোলাৰ উদ্দেশ্যে ২৮ ছেপ্টেম্বৰত জোনাইত এক যৌথ সভা অনুষ্ঠিত হ'ব।

সভাপতিয়ে কয় যে সশস্ত্ৰ সংগঠন এল ডি চি এমক জাতীয় সংগঠনত চামিল কৰাৰ বিষয়ে এই সভাত আলোচনা কৰা হ'ব। ছয়টা সংগঠনৰ প্ৰতিনিধিসকলে সভাত উপস্থিত থাকিব।

তেওঁ আৰু কয় যে জনগোষ্ঠীটোৰ সাংবিধানিক অধিকাৰ সুৰক্ষাৰ বাবে সকলো সংগঠন একত্ৰিত হোৱাটো সময়ৰ দাবী। শান্তিপূৰ্ণ আলোচনাৰ জৰিয়তে সমস্যাৰ সমাধান বিচাৰিব লাগিব।

এই সন্দৰ্ভত বিভিন্ন সংগঠনৰ নেতাসকলৰ মাজত প্ৰাথমিক আলোচনা ইতিমধ্যে সম্পন্ন হৈছে। যৌথ সভাত চূড়ান্ত সিদ্ধান্ত গ্ৰহণ কৰা হ'ব বুলি জনা গৈছে।

হাস্মতীত শিশুক বলাৎকাৰ

বাসখনত বিষয়ে জানিব পৰা মতে, ২৭ ছেপ্টেম্বৰ। এটা নাবালিকা শিশুক বলাৎকাৰৰ অভিযোগত আৰক্ষীয়ে এজন যুৱকক আটক কৰিছে। ঘটনাটোৱে অঞ্চলটোত চাঞ্চল্যৰ সৃষ্টি কৰিছে।

স্থানীয় লোকসকলে অভিযুক্তৰ কঠোৰ শাস্তিৰ দাবী জনাইছে। আৰক্ষীয়ে পক্ছো আইনৰ অধীনত গোচৰ পঞ্জীয়ন কৰি তদন্ত আৰম্ভ কৰিছে।

কংগ্ৰেছেও আৰম্ভ কৰিব সদস্যভৰ্তি অভিযান

গুৱাহাটী, ২৭ ছেপ্টেম্বৰ। বিজেপিৰ সমান্তৰালভাৱে এতিয়া প্ৰদেশ কংগ্ৰেছেও ৰাজ্যজুৰি সদস্যভৰ্তি অভিযান আৰম্ভ কৰিব। দলৰ সাংগঠনিক ভিত্তি সুদৃঢ় কৰাৰ উদ্দেশ্যে এই অভিযান হাতত লোৱা হৈছে।

প্ৰদেশ কংগ্ৰেছৰ সভাপতিয়ে কয় যে প্ৰতিখন বুথত নতুন সদস্য অন্তৰ্ভুক্ত কৰাৰ লক্ষ্য নিৰ্ধাৰণ কৰা হৈছে। যুৱ আৰু মহিলাসকলক দলৰ প্ৰতি আকৃষ্ট কৰাৰ ওপৰত বিশেষ গুৰুত্ব দিয়া হ'ব।

বৰাক উপত্যকা...

বৰাক উপত্যকাৰ উন্নয়নৰ বাবে চৰকাৰে বিশেষ আঁচনি প্ৰস্তুত কৰিছে। উপত্যকাৰ তিনিখন জিলাৰ আন্তঃগাঁথনি উন্নয়নৰ বাবে পৰ্যাপ্ত ধন আৱণ্টন কৰা হৈছে।

স্থানীয় লোকসকলে দীৰ্ঘদিন ধৰি যোগাযোগ ব্যৱস্থাৰ উন্নতিৰ দাবী জনাই আহিছে। ৰাষ্ট্ৰীয় ঘাইপথৰ কাম দ্ৰুত সম্পূৰ্ণ কৰাৰ বাবে নিৰ্দেশ দিয়া হৈছে।

উপত্যকাখনৰ কৃষি আৰু চাহ উদ্যোগৰ বিকাশৰ বাবেও বিশেষ ব্যৱস্থা গ্ৰহণ কৰা হ'ব বুলি সংশ্লিষ্ট বিভাগে জনাইছে। শিক্ষা প্ৰতিষ্ঠানসমূহৰ আধুনিকীকৰণৰ পৰিকল্পনাও হাতত লোৱা হৈছে।

বিভিন্ন সংগঠনে চৰকাৰৰ এই পদক্ষেপক আদৰণি জনাইছে যদিও আঁচনিসমূহৰ সময়মতে ৰূপায়ণ নিশ্চিত কৰাৰ দাবী জনাইছে।

বৰাক উপত্যকাৰ উন্নয়নৰ বাবে চৰকাৰে বিশেষ আঁচনি প্ৰস্তুত কৰিছে। উপত্যকাৰ তিনিখন জিলাৰ আন্তঃগাঁথনি উন্নয়নৰ বাবে পৰ্যাপ্ত ধন আৱণ্টন কৰা হৈছে।

স্থানীয় লোকসকলে দীৰ্ঘদিন ধৰি যোগাযোগ ব্যৱস্থাৰ উন্নতিৰ দাবী জনাই আহিছে। ৰাষ্ট্ৰীয় ঘাইপথৰ কাম দ্ৰুত সম্পূৰ্ণ কৰাৰ বাবে নিৰ্দেশ দিয়া হৈছে।

উপত্যকাখনৰ কৃষি আৰু চাহ উদ্যোগৰ বিকাশৰ বাবেও বিশেষ ব্যৱস্থা গ্ৰহণ কৰা হ'ব বুলি সংশ্লিষ্ট বিভাগে জনাইছে। শিক্ষা প্ৰতিষ্ঠানসমূহৰ আধুনিকীকৰণৰ পৰিকল্পনাও হাতত লোৱা হৈছে।

ম্যানমাৰৰ চুপাৰিকে...

চুপাৰি চোৰাংভাৱে অনাৰ অভিযোগত আৰক্ষীয়ে বৃহৎ অভিযান চলাই বহু পৰিমাণৰ চুপাৰি জব্দ কৰিছে। ম্যানমাৰৰ পৰা এই চুপাৰি অনা হৈছিল বুলি সন্দেহ কৰা হৈছে।

জব্দ কৰা বাহনৰ নম্বৰ PP 05 A R 8930 আৰু pp 02 E Q 8003। চালকক আটক কৰি সোধ-পোচ চলোৱা হৈছে।

আৰক্ষীৰ মতে চোৰাং ব্যৱসায়ৰ সৈতে জড়িত এটা বৃহৎ চক্ৰ সক্ৰিয় হৈ আছে। সীমান্ত অঞ্চলত নিৰীক্ষণ কঠোৰ কৰা হৈছে।

এই সন্দৰ্ভত আন কেইবাজনো সন্দেহভাজন ব্যক্তিক চিনাক্ত কৰা হৈছে আৰু শীঘ্ৰে গ্ৰেপ্তাৰ কৰা হ'ব বুলি আৰক্ষীয়ে জনাইছে।

চুপাৰি চোৰাংভাৱে অনাৰ অভিযোগত আৰক্ষীয়ে বৃহৎ অভিযান চলাই বহু পৰিমাণৰ চুপাৰি জব্দ কৰিছে। ম্যানমাৰৰ পৰা এই চুপাৰি অনা হৈছিল বুলি সন্দেহ কৰা হৈছে।

আৰক্ষীৰ মতে চোৰাং ব্যৱসায়ৰ সৈতে জড়িত এটা বৃহৎ চক্ৰ সক্ৰিয় হৈ আছে। সীমান্ত অঞ্চলত নিৰীক্ষণ কঠোৰ কৰা হৈছে।

এই সন্দৰ্ভত আন কেইবাজনো সন্দেহভাজন ব্যক্তিক চিনাক্ত কৰা হৈছে আৰু শীঘ্ৰে গ্ৰেপ্তাৰ কৰা হ'ব বুলি আৰক্ষীয়ে জনাইছে।

নতুন দিল্লীত অনিল...

যোৱা ৬ ছেপ্টেম্বৰত নতুন দিল্লীত অনুষ্ঠিত হোৱা সভাত অনিলে ৰাজ্যৰ বিভিন্ন বিষয় উত্থাপন কৰে। কেন্দ্ৰীয় মন্ত্ৰীৰ সৈতে সাক্ষাৎ কৰি তেওঁ ৰাজ্যৰ সমস্যাসমূহৰ বিষয়ে অৱগত কৰে।
